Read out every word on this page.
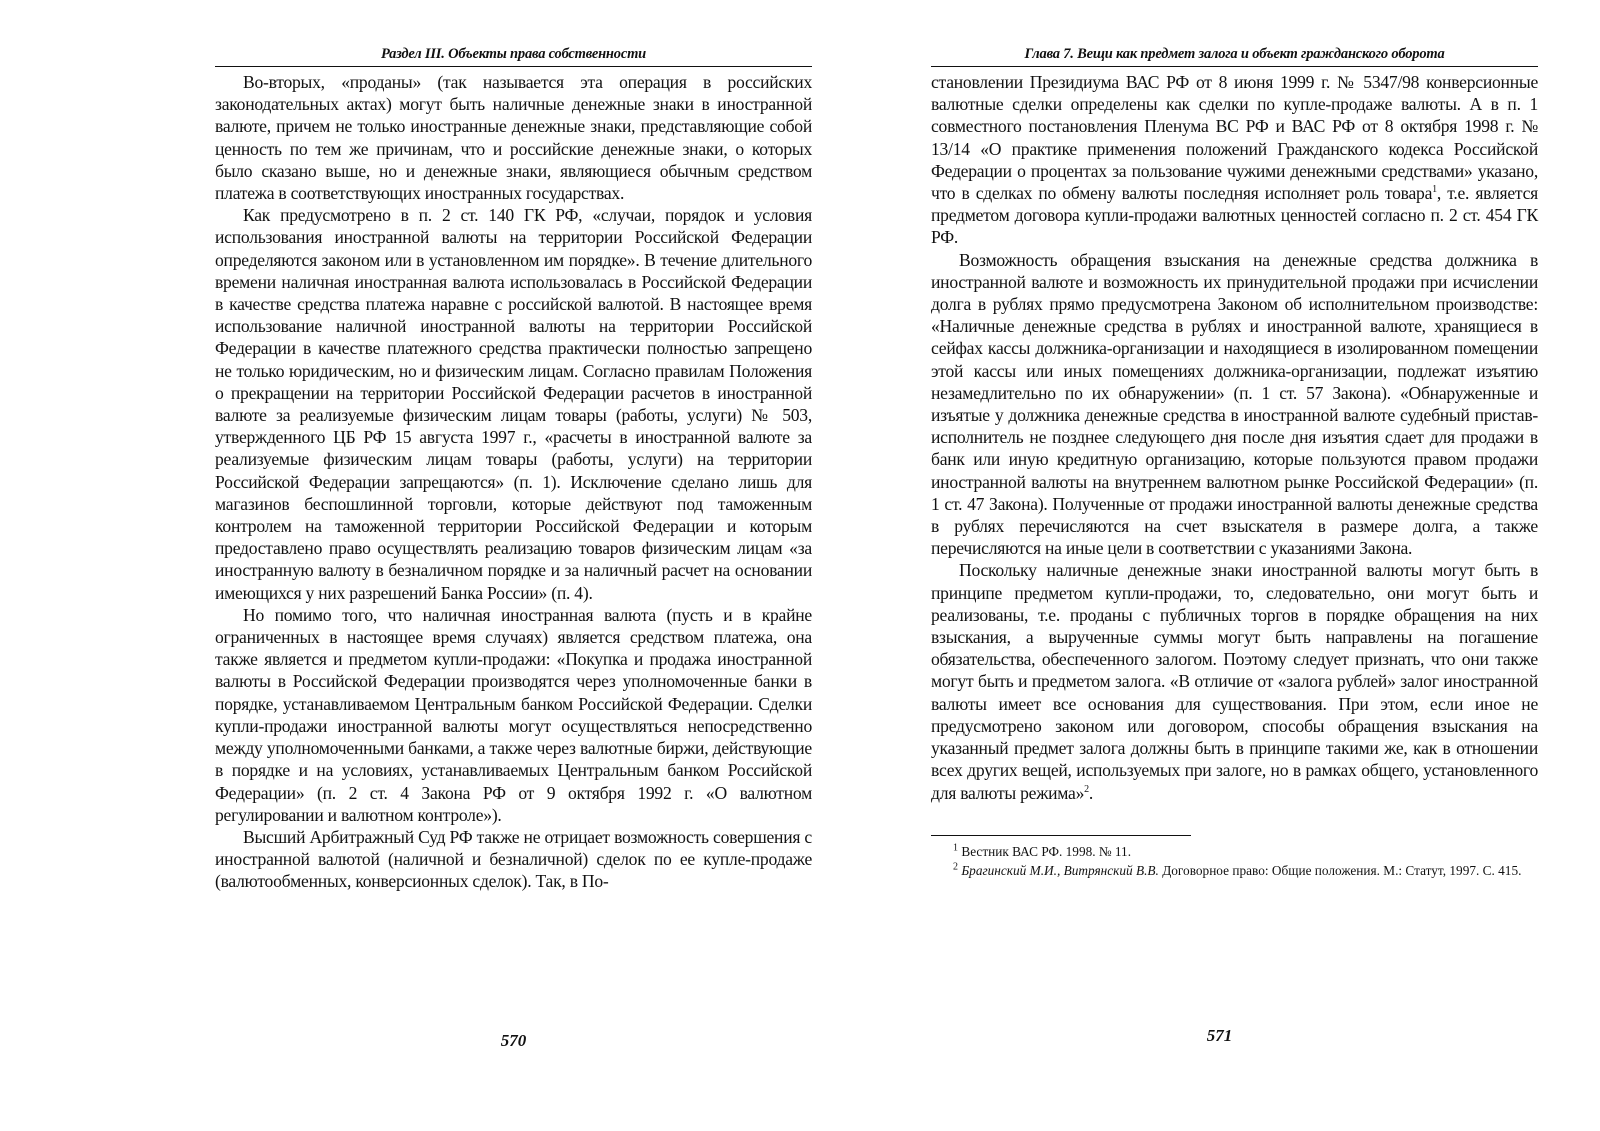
Раздел III. Объекты права собственности

Во-вторых, «проданы» (так называется эта операция в российских законодательных актах) могут быть наличные денежные знаки в иностранной валюте, причем не только иностранные денежные знаки, представляющие собой ценность по тем же причинам, что и российские денежные знаки, о которых было сказано выше, но и денежные знаки, являющиеся обычным средством платежа в соответствующих иностранных государствах.

Как предусмотрено в п. 2 ст. 140 ГК РФ, «случаи, порядок и условия использования иностранной валюты на территории Российской Федерации определяются законом или в установленном им порядке». В течение длительного времени наличная иностранная валюта использовалась в Российской Федерации в качестве средства платежа наравне с российской валютой. В настоящее время использование наличной иностранной валюты на территории Российской Федерации в качестве платежного средства практически полностью запрещено не только юридическим, но и физическим лицам. Согласно правилам Положения о прекращении на территории Российской Федерации расчетов в иностранной валюте за реализуемые физическим лицам товары (работы, услуги) № 503, утвержденного ЦБ РФ 15 августа 1997 г., «расчеты в иностранной валюте за реализуемые физическим лицам товары (работы, услуги) на территории Российской Федерации запрещаются» (п. 1). Исключение сделано лишь для магазинов беспошлинной торговли, которые действуют под таможенным контролем на таможенной территории Российской Федерации и которым предоставлено право осуществлять реализацию товаров физическим лицам «за иностранную валюту в безналичном порядке и за наличный расчет на основании имеющихся у них разрешений Банка России» (п. 4).

Но помимо того, что наличная иностранная валюта (пусть и в крайне ограниченных в настоящее время случаях) является средством платежа, она также является и предметом купли-продажи: «Покупка и продажа иностранной валюты в Российской Федерации производятся через уполномоченные банки в порядке, устанавливаемом Центральным банком Российской Федерации. Сделки купли-продажи иностранной валюты могут осуществляться непосредственно между уполномоченными банками, а также через валютные биржи, действующие в порядке и на условиях, устанавливаемых Центральным банком Российской Федерации» (п. 2 ст. 4 Закона РФ от 9 октября 1992 г. «О валютном регулировании и валютном контроле»).

Высший Арбитражный Суд РФ также не отрицает возможность совершения с иностранной валютой (наличной и безналичной) сделок по ее купле-продаже (валютообменных, конверсионных сделок). Так, в По-

570
Глава 7. Вещи как предмет залога и объект гражданского оборота

становлении Президиума ВАС РФ от 8 июня 1999 г. № 5347/98 конверсионные валютные сделки определены как сделки по купле-продаже валюты. А в п. 1 совместного постановления Пленума ВС РФ и ВАС РФ от 8 октября 1998 г. № 13/14 «О практике применения положений Гражданского кодекса Российской Федерации о процентах за пользование чужими денежными средствами» указано, что в сделках по обмену валюты последняя исполняет роль товара$^1$, т.е. является предметом договора купли-продажи валютных ценностей согласно п. 2 ст. 454 ГК РФ.

Возможность обращения взыскания на денежные средства должника в иностранной валюте и возможность их принудительной продажи при исчислении долга в рублях прямо предусмотрена Законом об исполнительном производстве: «Наличные денежные средства в рублях и иностранной валюте, хранящиеся в сейфах кассы должника-организации и находящиеся в изолированном помещении этой кассы или иных помещениях должника-организации, подлежат изъятию незамедлительно по их обнаружении» (п. 1 ст. 57 Закона). «Обнаруженные и изъятые у должника денежные средства в иностранной валюте судебный пристав-исполнитель не позднее следующего дня после дня изъятия сдает для продажи в банк или иную кредитную организацию, которые пользуются правом продажи иностранной валюты на внутреннем валютном рынке Российской Федерации» (п. 1 ст. 47 Закона). Полученные от продажи иностранной валюты денежные средства в рублях перечисляются на счет взыскателя в размере долга, а также перечисляются на иные цели в соответствии с указаниями Закона.

Поскольку наличные денежные знаки иностранной валюты могут быть в принципе предметом купли-продажи, то, следовательно, они могут быть и реализованы, т.е. проданы с публичных торгов в порядке обращения на них взыскания, а вырученные суммы могут быть направлены на погашение обязательства, обеспеченного залогом. Поэтому следует признать, что они также могут быть и предметом залога. «В отличие от «залога рублей» залог иностранной валюты имеет все основания для существования. При этом, если иное не предусмотрено законом или договором, способы обращения взыскания на указанный предмет залога должны быть в принципе такими же, как в отношении всех других вещей, используемых при залоге, но в рамках общего, установленного для валюты режима»$^2$.

$^1$ Вестник ВАС РФ. 1998. № 11.

$^2$ Брагинский М.И., Витрянский В.В. Договорное право: Общие положения. М.: Статут, 1997. С. 415.

571
